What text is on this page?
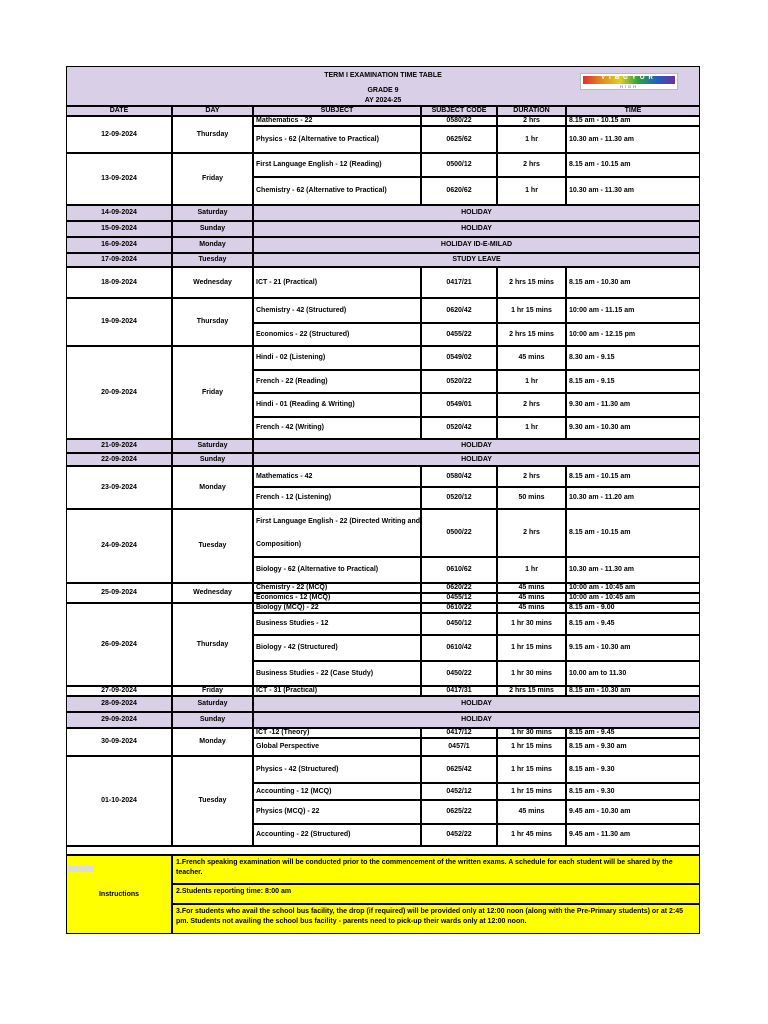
TERM I EXAMINATION TIME TABLE
GRADE 9
AY 2024-25
VIBGYOR
HIGH
DATE	DAY	SUBJECT	SUBJECT CODE	DURATION	TIME
12-09-2024	Thursday
Mathematics - 22	0580/22	2 hrs	8.15 am - 10.15 am
Physics - 62 (Alternative to Practical)	0625/62	1 hr	10.30 am - 11.30 am
13-09-2024	Friday
First Language English - 12 (Reading)	0500/12	2 hrs	8.15 am - 10.15 am
Chemistry - 62 (Alternative to Practical)	0620/62	1 hr	10.30 am - 11.30 am
14-09-2024	Saturday	HOLIDAY
15-09-2024	Sunday	HOLIDAY
16-09-2024	Monday	HOLIDAY ID-E-MILAD
17-09-2024	Tuesday	STUDY LEAVE
18-09-2024	Wednesday	ICT - 21 (Practical)	0417/21	2 hrs 15 mins	8.15 am - 10.30 am
19-09-2024	Thursday
Chemistry - 42 (Structured)	0620/42	1 hr 15 mins	10:00 am - 11.15 am
Economics - 22 (Structured)	0455/22	2 hrs 15 mins	10:00 am - 12.15 pm
20-09-2024	Friday
Hindi - 02 (Listening)	0549/02	45 mins	8.30 am - 9.15
French - 22 (Reading)	0520/22	1 hr	8.15 am - 9.15
Hindi - 01 (Reading & Writing)	0549/01	2 hrs	9.30 am - 11.30 am
French - 42 (Writing)	0520/42	1 hr	9.30 am - 10.30 am
21-09-2024	Saturday	HOLIDAY
22-09-2024	Sunday	HOLIDAY
23-09-2024	Monday
Mathematics - 42	0580/42	2 hrs	8.15 am - 10.15 am
French - 12 (Listening)	0520/12	50 mins	10.30 am - 11.20 am
24-09-2024	Tuesday
First Language English - 22 (Directed Writing and
Composition)
0500/22	2 hrs	8.15 am - 10.15 am
Biology - 62 (Alternative to Practical)	0610/62	1 hr	10.30 am - 11.30 am
25-09-2024	Wednesday
Chemistry - 22 (MCQ)	0620/22	45 mins	10:00 am - 10:45 am
Economics - 12 (MCQ)	0455/12	45 mins	10:00 am - 10:45 am
26-09-2024	Thursday
Biology (MCQ) - 22	0610/22	45 mins	8.15 am - 9.00
Business Studies - 12	0450/12	1 hr 30 mins	8.15 am - 9.45
Biology - 42 (Structured)	0610/42	1 hr 15 mins	9.15 am - 10.30 am
Business Studies - 22 (Case Study)	0450/22	1 hr 30 mins	10.00 am to 11.30
27-09-2024	Friday	ICT - 31 (Practical)	0417/31	2 hrs 15 mins	8.15 am - 10.30 am
28-09-2024	Saturday	HOLIDAY
29-09-2024	Sunday	HOLIDAY
30-09-2024	Monday
ICT -12 (Theory)	0417/12	1 hr 30 mins	8.15 am - 9.45
Global Perspective	0457/1	1 hr 15 mins	8.15 am - 9.30 am
01-10-2024	Tuesday
Physics - 42 (Structured)	0625/42	1 hr 15 mins	8.15 am - 9.30
Accounting - 12 (MCQ)	0452/12	1 hr 15 mins	8.15 am - 9.30
Physics (MCQ) - 22	0625/22	45 mins	9.45 am - 10.30 am
Accounting - 22 (Structured)	0452/22	1 hr 45 mins	9.45 am - 11.30 am
Instructions
1.French speaking examination will be conducted prior to the commencement of the written exams. A schedule for each student will be shared by the teacher.
2.Students reporting time: 8:00 am
3.For students who avail the school bus facility, the drop (if required) will be provided only at 12:00 noon (along with the Pre-Primary students) or at 2:45 pm. Students not availing the school bus facility - parents need to pick-up their wards only at 12:00 noon.
